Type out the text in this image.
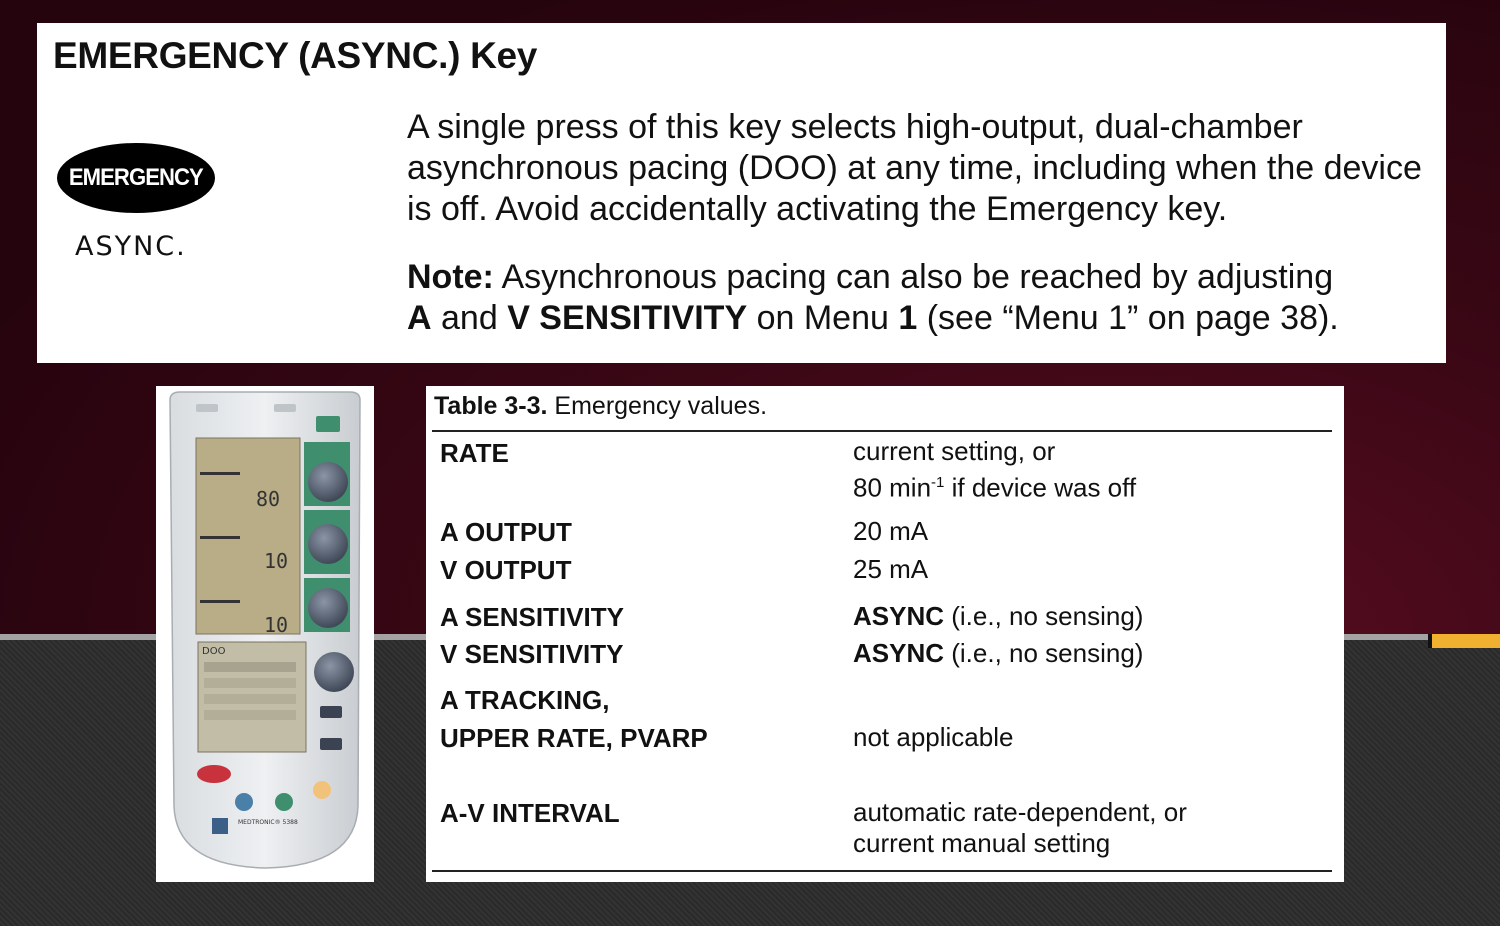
EMERGENCY (ASYNC.) Key
EMERGENCY
ASYNC.
A single press of this key selects high-output, dual-chamber asynchronous pacing (DOO) at any time, including when the device is off. Avoid accidentally activating the Emergency key.
Note: Asynchronous pacing can also be reached by adjusting
A and V SENSITIVITY on Menu 1 (see “Menu 1” on page 38).
80
10
10
DOO
MEDTRONIC® 5388
Table 3-3. Emergency values.
RATE	current setting, or
80 $\min^{-1}$ if device was off
A OUTPUT	20 mA
V OUTPUT	25 mA
A SENSITIVITY	ASYNC (i.e., no sensing)
V SENSITIVITY	ASYNC (i.e., no sensing)
A TRACKING,
UPPER RATE, PVARP	not applicable
A-V INTERVAL	automatic rate-dependent, or
current manual setting
